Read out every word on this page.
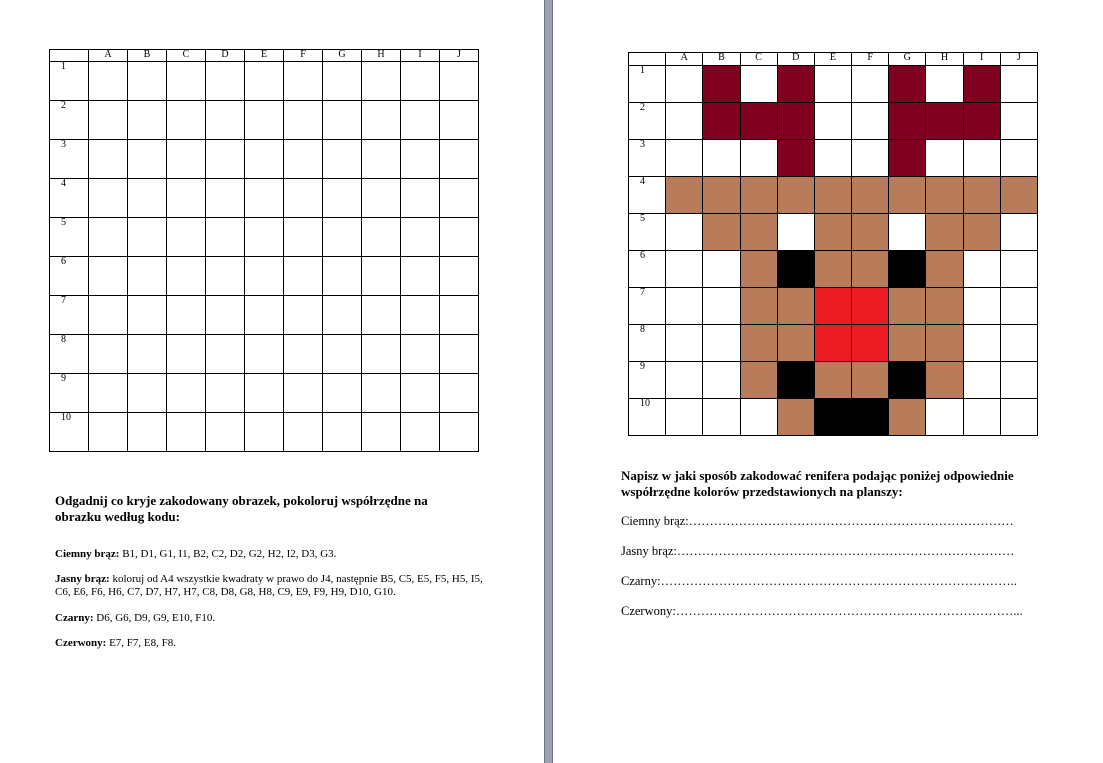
	A	B	C	D	E	F	G	H	I	J
1										
2										
3										
4										
5										
6										
7										
8										
9										
10										
Odgadnij co kryje zakodowany obrazek, pokoloruj współrzędne na obrazku według kodu:
Ciemny brąz: B1, D1, G1, I1, B2, C2, D2, G2, H2, I2, D3, G3.
Jasny brąz: koloruj od A4 wszystkie kwadraty w prawo do J4, następnie B5, C5, E5, F5, H5, I5, C6, E6, F6, H6, C7, D7, H7, H7, C8, D8, G8, H8, C9, E9, F9, H9, D10, G10.
Czarny: D6, G6, D9, G9, E10, F10.
Czerwony: E7, F7, E8, F8.
	A	B	C	D	E	F	G	H	I	J
1										
2										
3										
4										
5										
6										
7										
8										
9										
10										
Napisz w jaki sposób zakodować renifera podając poniżej odpowiednie współrzędne kolorów przedstawionych na planszy:
Ciemny brąz:……………………………………………………………………
Jasny brąz:………………………………………………………………………
Czarny:…………………………………………………………………………..
Czerwony:………………………………………………………………………...
